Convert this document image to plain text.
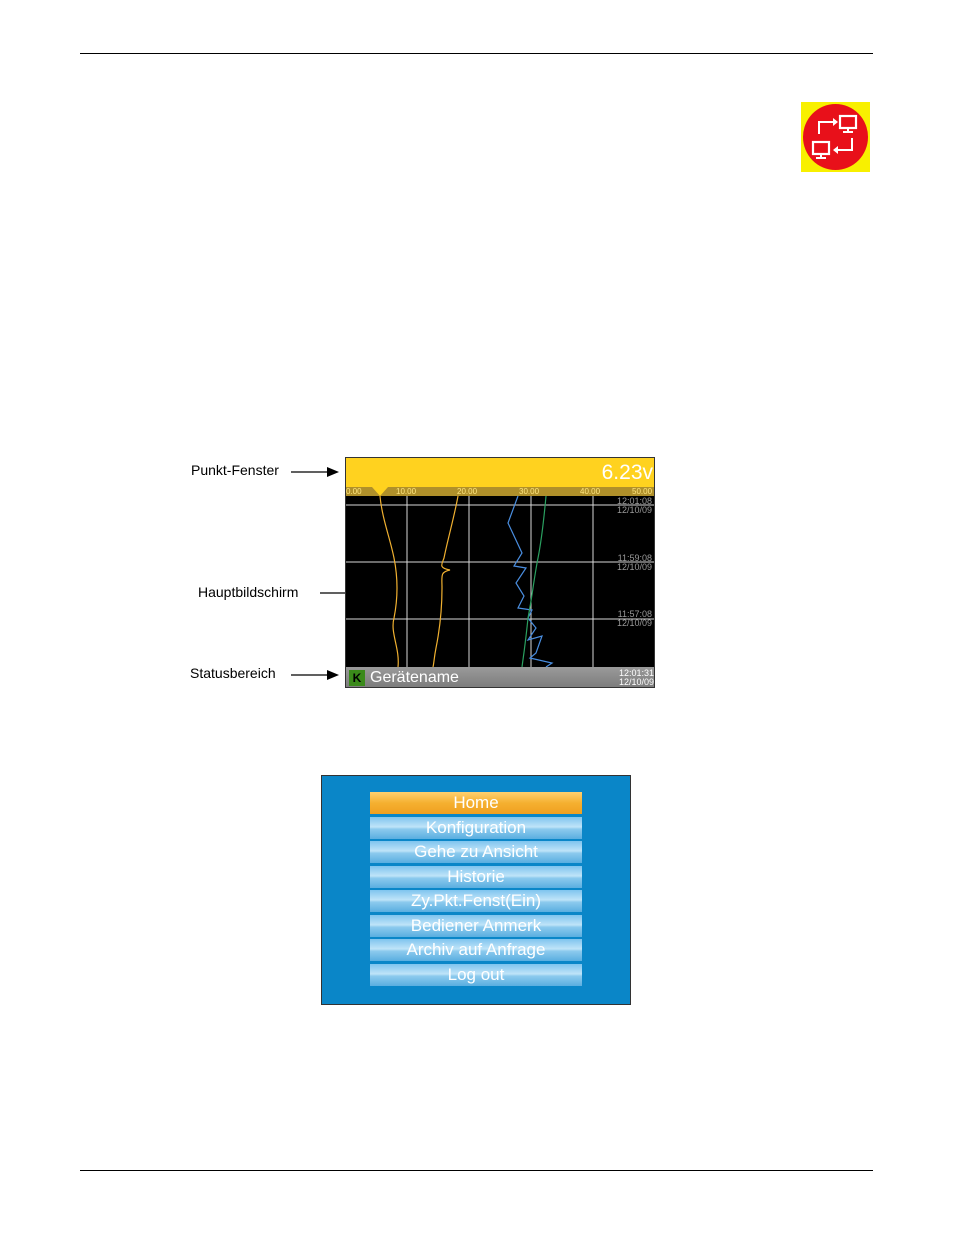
Punkt-Fenster
Hauptbildschirm
Statusbereich
6.23v
0.00	10.00	20.00	30.00	40.00	50.00
12:01:08
12/10/09
11:59:08
12/10/09
11:57:08
12/10/09
K Gerätename	12:01:31
12/10/09
Home
Konfiguration
Gehe zu Ansicht
Historie
Zy.Pkt.Fenst(Ein)
Bediener Anmerk
Archiv auf Anfrage
Log out
